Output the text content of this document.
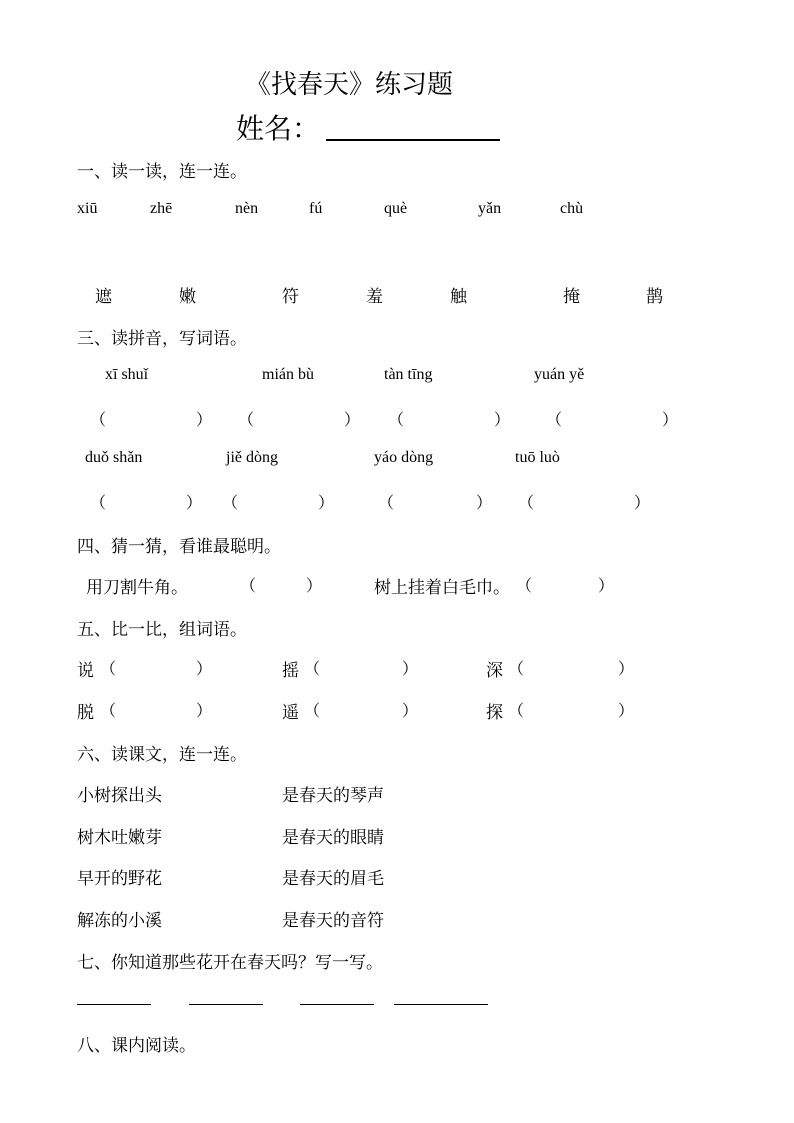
《找春天》练习题
姓名：
一、读一读，连一连。
xiū	zhē	nèn	fú	què	yǎn	chù
遮	嫩	符	羞	触	掩	鹊
三、读拼音，写词语。
xī shuǐ	mián bù	tàn tīng	yuán yě
（	） （	） （	） （	）
duǒ shǎn	jiě dòng	yáo dòng	tuō luò
（	） （	）	（	） （	）
四、猜一猜，看谁最聪明。
用刀割牛角。	（	）	树上挂着白毛巾。 （	）
五、比一比，组词语。
说 （	）	摇 （	）	深 （	）
脱 （	）	遥 （	）	探 （	）
六、读课文，连一连。
小树探出头	是春天的琴声
树木吐嫩芽	是春天的眼睛
早开的野花	是春天的眉毛
解冻的小溪	是春天的音符
七、你知道那些花开在春天吗？写一写。
八、课内阅读。
